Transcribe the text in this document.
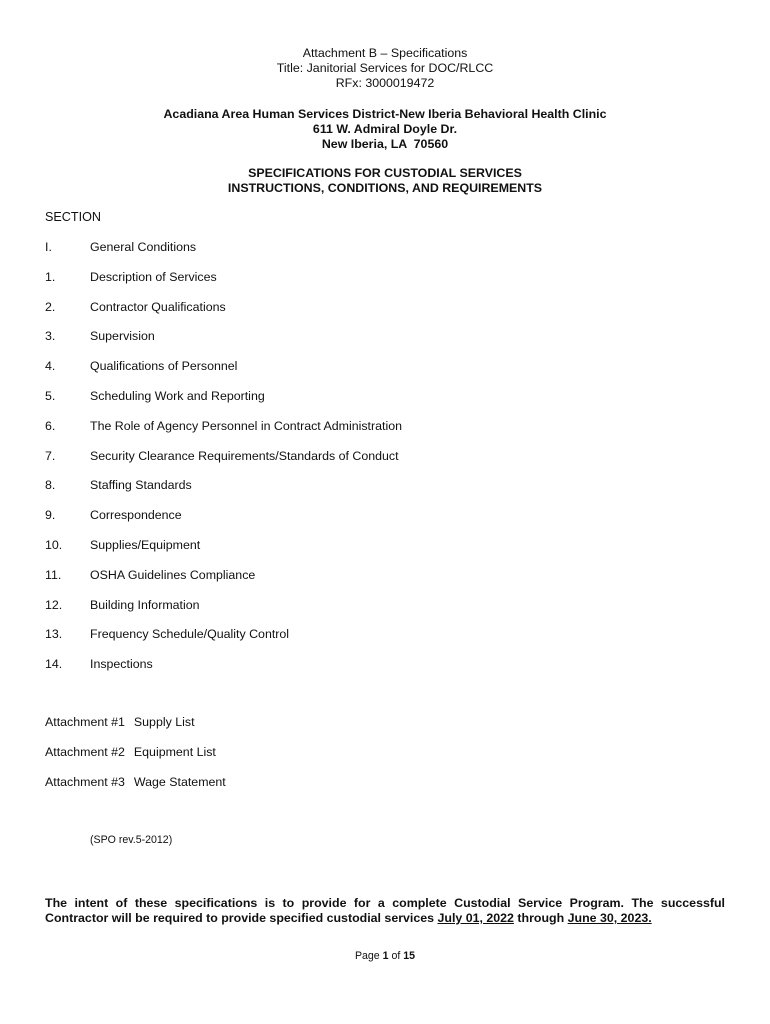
Attachment B – Specifications
Title: Janitorial Services for DOC/RLCC
RFx: 3000019472
Acadiana Area Human Services District-New Iberia Behavioral Health Clinic
611 W. Admiral Doyle Dr.
New Iberia, LA  70560
SPECIFICATIONS FOR CUSTODIAL SERVICES
INSTRUCTIONS, CONDITIONS, AND REQUIREMENTS
SECTION
I.	General Conditions
1.	Description of Services
2.	Contractor Qualifications
3.	Supervision
4.	Qualifications of Personnel
5.	Scheduling Work and Reporting
6.	The Role of Agency Personnel in Contract Administration
7.	Security Clearance Requirements/Standards of Conduct
8.	Staffing Standards
9.	Correspondence
10. Supplies/Equipment
11. OSHA Guidelines Compliance
12. Building Information
13. Frequency Schedule/Quality Control
14. Inspections
Attachment #1 Supply List
Attachment #2 Equipment List
Attachment #3 Wage Statement
(SPO rev.5-2012)
The intent of these specifications is to provide for a complete Custodial Service Program. The successful
Contractor will be required to provide specified custodial services July 01, 2022 through June 30, 2023.
Page 1 of 15
